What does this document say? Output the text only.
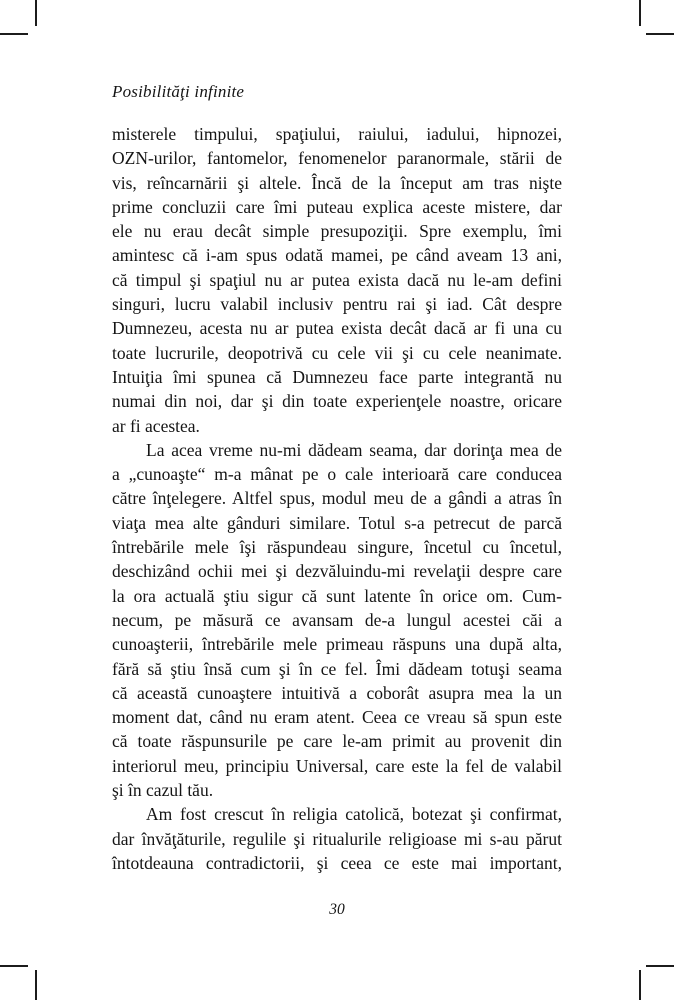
Posibilităţi infinite
misterele timpului, spaţiului, raiului, iadului, hipnozei,
OZN-urilor, fantomelor, fenomenelor paranormale, stării de
vis, reîncarnării şi altele. Încă de la început am tras nişte
prime concluzii care îmi puteau explica aceste mistere, dar
ele nu erau decât simple presupoziţii. Spre exemplu, îmi
amintesc că i-am spus odată mamei, pe când aveam 13 ani,
că timpul şi spaţiul nu ar putea exista dacă nu le-am defini
singuri, lucru valabil inclusiv pentru rai şi iad. Cât despre
Dumnezeu, acesta nu ar putea exista decât dacă ar fi una cu
toate lucrurile, deopotrivă cu cele vii şi cu cele neanimate.
Intuiţia îmi spunea că Dumnezeu face parte integrantă nu
numai din noi, dar şi din toate experienţele noastre, oricare
ar fi acestea.
La acea vreme nu-mi dădeam seama, dar dorinţa mea de
a „cunoaşte“ m-a mânat pe o cale interioară care conducea
către înţelegere. Altfel spus, modul meu de a gândi a atras în
viaţa mea alte gânduri similare. Totul s-a petrecut de parcă
întrebările mele îşi răspundeau singure, încetul cu încetul,
deschizând ochii mei şi dezvăluindu-mi revelaţii despre care
la ora actuală ştiu sigur că sunt latente în orice om. Cum-
necum, pe măsură ce avansam de-a lungul acestei căi a
cunoaşterii, întrebările mele primeau răspuns una după alta,
fără să ştiu însă cum şi în ce fel. Îmi dădeam totuşi seama
că această cunoaştere intuitivă a coborât asupra mea la un
moment dat, când nu eram atent. Ceea ce vreau să spun este
că toate răspunsurile pe care le-am primit au provenit din
interiorul meu, principiu Universal, care este la fel de valabil
şi în cazul tău.
Am fost crescut în religia catolică, botezat şi confirmat,
dar învăţăturile, regulile şi ritualurile religioase mi s-au părut
întotdeauna contradictorii, şi ceea ce este mai important,
30
